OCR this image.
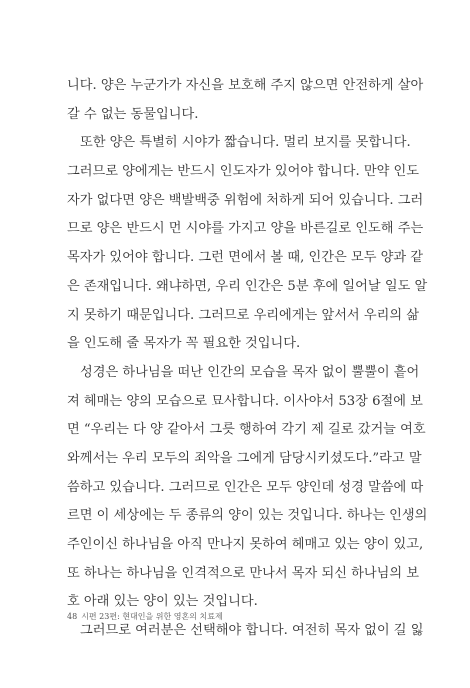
니다. 양은 누군가가 자신을 보호해 주지 않으면 안전하게 살아
갈 수 없는 동물입니다.
또한 양은 특별히 시야가 짧습니다. 멀리 보지를 못합니다.
그러므로 양에게는 반드시 인도자가 있어야 합니다. 만약 인도
자가 없다면 양은 백발백중 위험에 처하게 되어 있습니다. 그러
므로 양은 반드시 먼 시야를 가지고 양을 바른길로 인도해 주는
목자가 있어야 합니다. 그런 면에서 볼 때, 인간은 모두 양과 같
은 존재입니다. 왜냐하면, 우리 인간은 5분 후에 일어날 일도 알
지 못하기 때문입니다. 그러므로 우리에게는 앞서서 우리의 삶
을 인도해 줄 목자가 꼭 필요한 것입니다.
성경은 하나님을 떠난 인간의 모습을 목자 없이 뿔뿔이 흩어
져 헤매는 양의 모습으로 묘사합니다. 이사야서 53장 6절에 보
면 “우리는 다 양 같아서 그릇 행하여 각기 제 길로 갔거늘 여호
와께서는 우리 모두의 죄악을 그에게 담당시키셨도다.”라고 말
씀하고 있습니다. 그러므로 인간은 모두 양인데 성경 말씀에 따
르면 이 세상에는 두 종류의 양이 있는 것입니다. 하나는 인생의
주인이신 하나님을 아직 만나지 못하여 헤매고 있는 양이 있고,
또 하나는 하나님을 인격적으로 만나서 목자 되신 하나님의 보
호 아래 있는 양이 있는 것입니다.
그러므로 여러분은 선택해야 합니다. 여전히 목자 없이 길 잃
48 시편 23편: 현대인을 위한 영혼의 치료제
